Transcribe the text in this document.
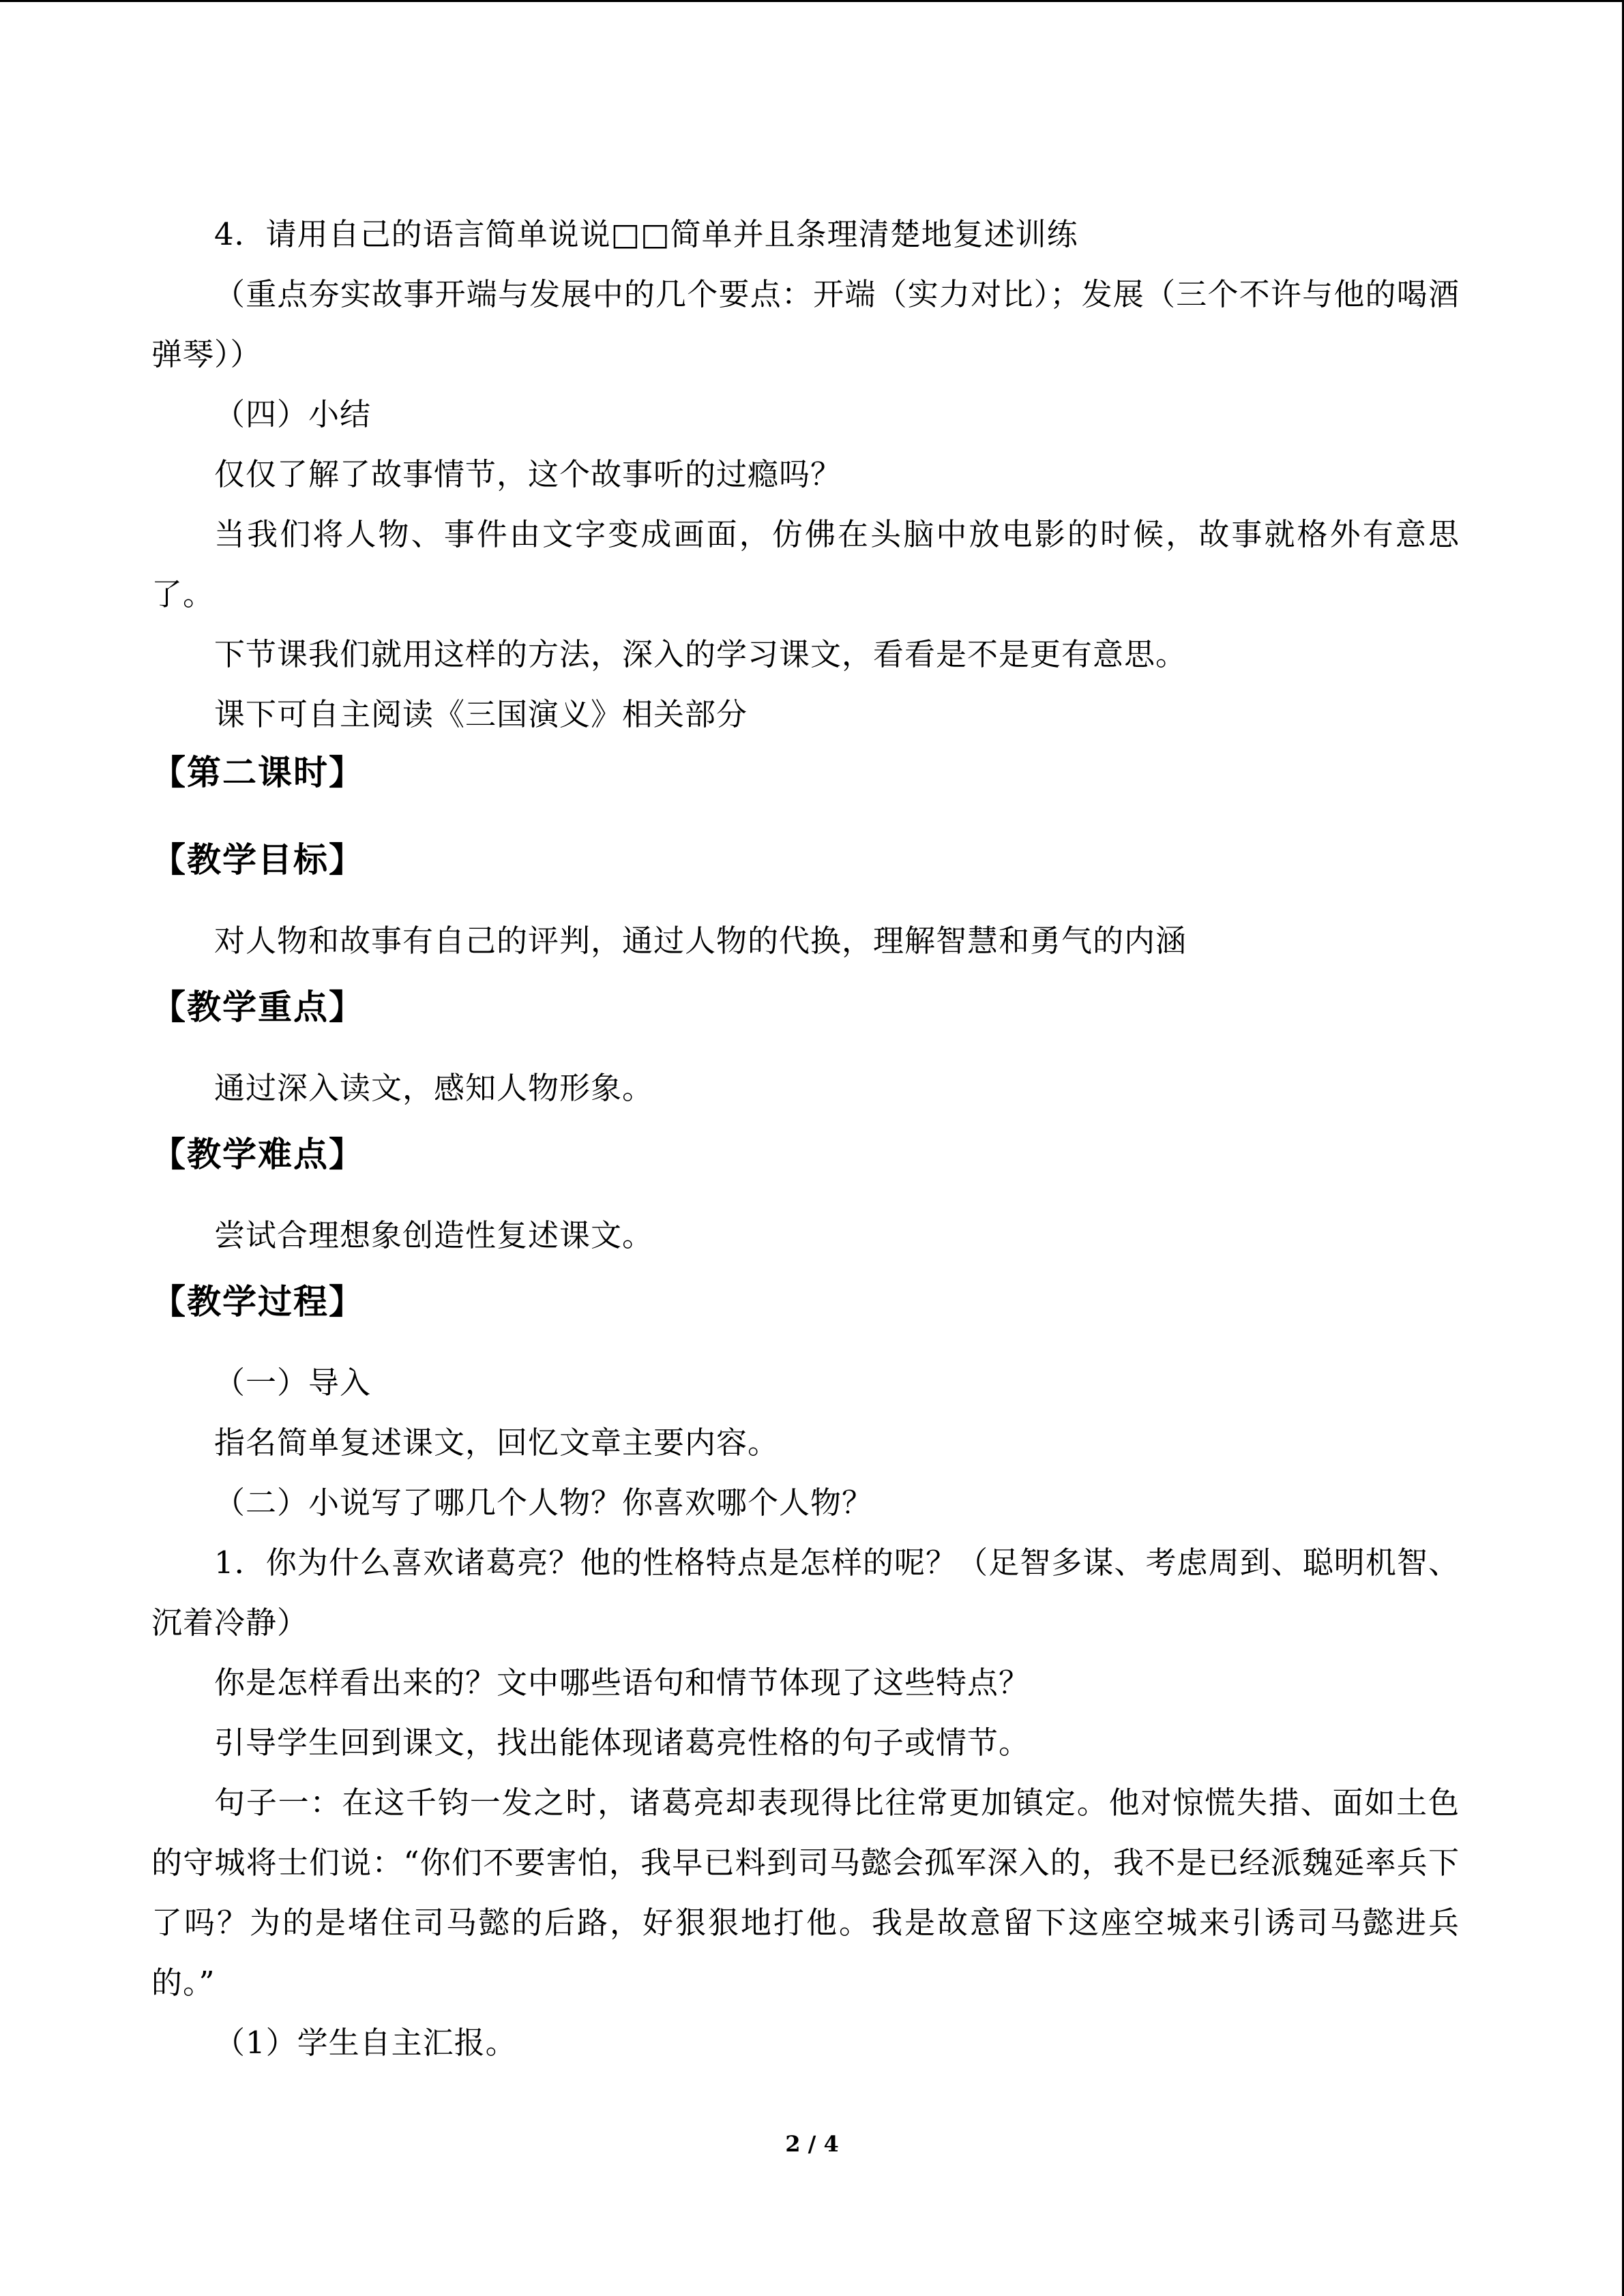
4．请用自己的语言简单说说□□简单并且条理清楚地复述训练

（重点夯实故事开端与发展中的几个要点：开端（实力对比）；发展（三个不许与他的喝酒弹琴））

（四）小结

仅仅了解了故事情节，这个故事听的过瘾吗？

当我们将人物、事件由文字变成画面，仿佛在头脑中放电影的时候，故事就格外有意思了。

下节课我们就用这样的方法，深入的学习课文，看看是不是更有意思。

课下可自主阅读《三国演义》相关部分

【第二课时】
【教学目标】

对人物和故事有自己的评判，通过人物的代换，理解智慧和勇气的内涵

【教学重点】

通过深入读文，感知人物形象。

【教学难点】

尝试合理想象创造性复述课文。

【教学过程】

（一）导入

指名简单复述课文，回忆文章主要内容。

（二）小说写了哪几个人物？你喜欢哪个人物？

1．你为什么喜欢诸葛亮？他的性格特点是怎样的呢？（足智多谋、考虑周到、聪明机智、沉着冷静）

你是怎样看出来的？文中哪些语句和情节体现了这些特点？

引导学生回到课文，找出能体现诸葛亮性格的句子或情节。

句子一：在这千钧一发之时，诸葛亮却表现得比往常更加镇定。他对惊慌失措、面如土色的守城将士们说：“你们不要害怕，我早已料到司马懿会孤军深入的，我不是已经派魏延率兵下了吗？为的是堵住司马懿的后路，好狠狠地打他。我是故意留下这座空城来引诱司马懿进兵的。”

（1）学生自主汇报。

2 / 4
